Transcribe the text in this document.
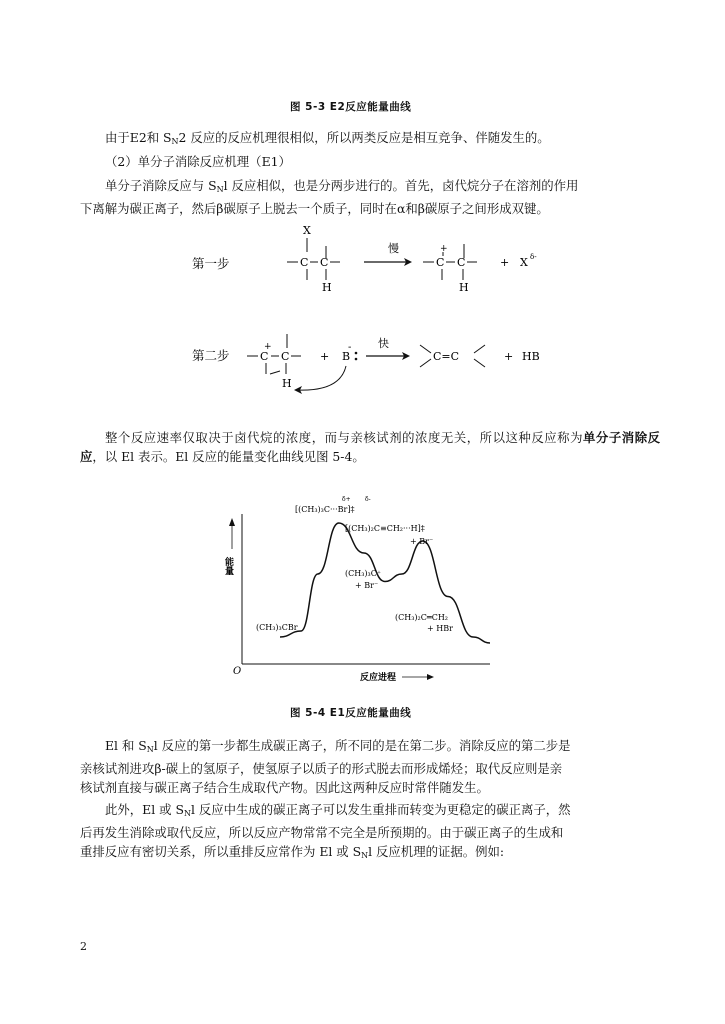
图 5-3 E2反应能量曲线
由于E2和 $S_N2$ 反应的反应机理很相似，所以两类反应是相互竞争、伴随发生的。
（2）单分子消除反应机理（E1）
单分子消除反应与 $S_Nl$ 反应相似，也是分两步进行的。首先，卤代烷分子在溶剂的作用
下离解为碳正离子，然后β碳原子上脱去一个质子，同时在α和β碳原子之间形成双键。
第一步
X
C C
H
慢	+
C C
H
+ X δ-
第二步
+
C C
H
+ B
- 快
C=C	+ HB
整个反应速率仅取决于卤代烷的浓度，而与亲核试剂的浓度无关，所以这种反应称为单分子消除反应，以 El 表示。El 反应的能量变化曲线见图 5-4。
O
能量
反应进程
[(CH₃)₃C···Br]‡
δ+ δ-
[(CH₃)₂C≡CH₂···H]‡
+ Br⁻
(CH₃)₃C⁺
+ Br⁻
(CH₃)₃CBr
(CH₃)₂C═CH₂
+ HBr
图 5-4 E1反应能量曲线
El 和 $S_Nl$ 反应的第一步都生成碳正离子，所不同的是在第二步。消除反应的第二步是
亲核试剂进攻β-碳上的氢原子，使氢原子以质子的形式脱去而形成烯烃；取代反应则是亲
核试剂直接与碳正离子结合生成取代产物。因此这两种反应时常伴随发生。
此外，El 或 $S_Nl$ 反应中生成的碳正离子可以发生重排而转变为更稳定的碳正离子，然
后再发生消除或取代反应，所以反应产物常常不完全是所预期的。由于碳正离子的生成和
重排反应有密切关系，所以重排反应常作为 El 或 $S_Nl$ 反应机理的证据。例如:
2
